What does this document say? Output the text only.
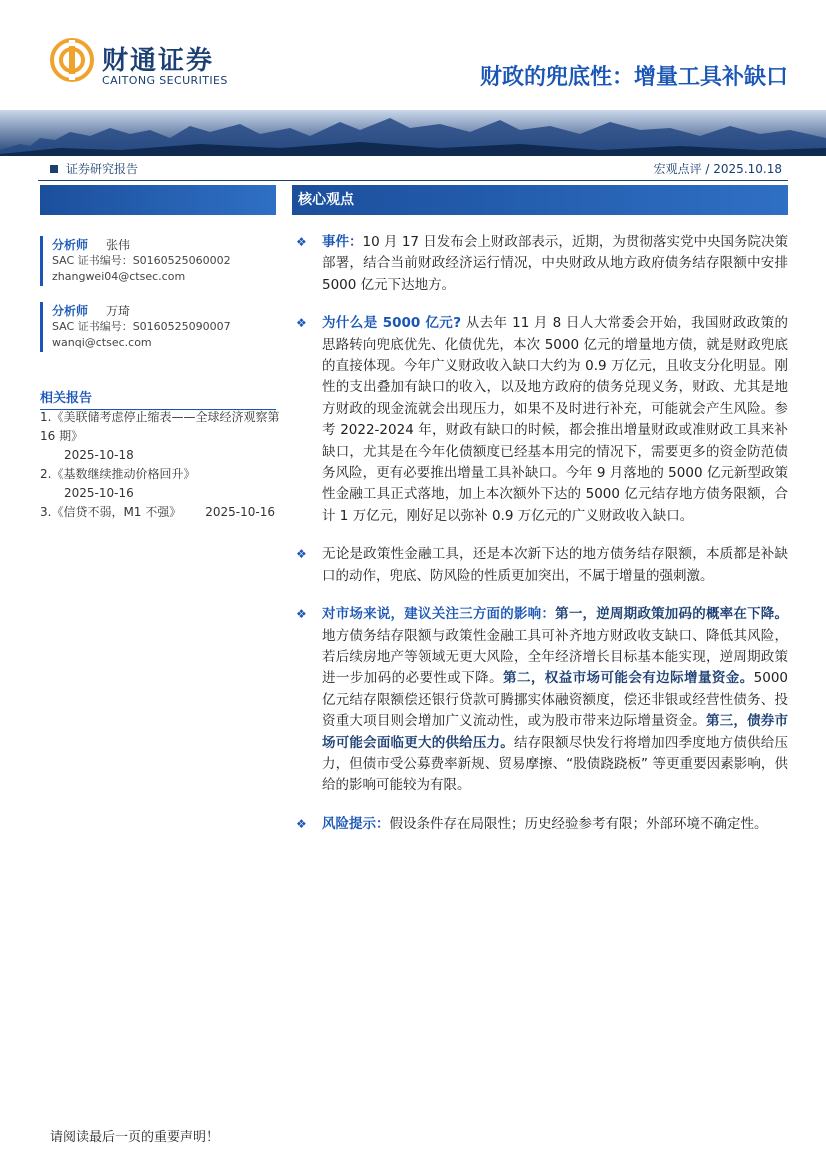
财通证券
CAITONG SECURITIES	财政的兜底性：增量工具补缺口
证券研究报告	宏观点评 / 2025.10.18
分析师 张伟
SAC 证书编号：S0160525060002
zhangwei04@ctsec.com
分析师 万琦
SAC 证书编号：S0160525090007
wanqi@ctsec.com
相关报告
1.《美联储考虑停止缩表——全球经济观察第 16 期》
2025-10-18
2.《基数继续推动价格回升》
2025-10-16
3.《信贷不弱，M1 不强》 2025-10-16
核心观点
❖ 事件：10 月 17 日发布会上财政部表示，近期，为贯彻落实党中央国务院决策部署，结合当前财政经济运行情况，中央财政从地方政府债务结存限额中安排 5000 亿元下达地方。
❖ 为什么是 5000 亿元? 从去年 11 月 8 日人大常委会开始，我国财政政策的思路转向兜底优先、化债优先，本次 5000 亿元的增量地方债，就是财政兜底的直接体现。今年广义财政收入缺口大约为 0.9 万亿元，且收支分化明显。刚性的支出叠加有缺口的收入，以及地方政府的债务兑现义务，财政、尤其是地方财政的现金流就会出现压力，如果不及时进行补充，可能就会产生风险。参考 2022-2024 年，财政有缺口的时候，都会推出增量财政或准财政工具来补缺口，尤其是在今年化债额度已经基本用完的情况下，需要更多的资金防范债务风险，更有必要推出增量工具补缺口。今年 9 月落地的 5000 亿元新型政策性金融工具正式落地，加上本次额外下达的 5000 亿元结存地方债务限额，合计 1 万亿元，刚好足以弥补 0.9 万亿元的广义财政收入缺口。
❖ 无论是政策性金融工具，还是本次新下达的地方债务结存限额，本质都是补缺口的动作，兜底、防风险的性质更加突出，不属于增量的强刺激。
❖ 对市场来说，建议关注三方面的影响：第一，逆周期政策加码的概率在下降。地方债务结存限额与政策性金融工具可补齐地方财政收支缺口、降低其风险，若后续房地产等领域无更大风险，全年经济增长目标基本能实现，逆周期政策进一步加码的必要性或下降。第二，权益市场可能会有边际增量资金。5000 亿元结存限额偿还银行贷款可腾挪实体融资额度，偿还非银或经营性债务、投资重大项目则会增加广义流动性，或为股市带来边际增量资金。第三，债券市场可能会面临更大的供给压力。结存限额尽快发行将增加四季度地方债供给压力，但债市受公募费率新规、贸易摩擦、“股债跷跷板” 等更重要因素影响，供给的影响可能较为有限。
❖ 风险提示：假设条件存在局限性；历史经验参考有限；外部环境不确定性。
请阅读最后一页的重要声明！
